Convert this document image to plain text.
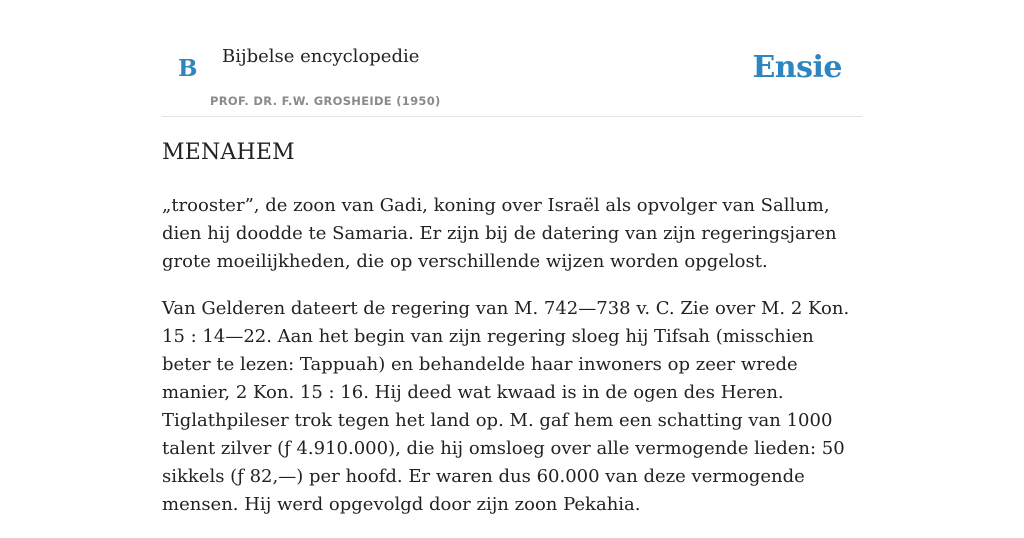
B Bijbelse encyclopedie
PROF. DR. F.W. GROSHEIDE (1950)
Ensie
MENAHEM

„trooster”, de zoon van Gadi, koning over Israël als opvolger van Sallum, dien hij doodde te Samaria. Er zijn bij de datering van zijn regeringsjaren grote moeilijkheden, die op verschillende wijzen worden opgelost.

Van Gelderen dateert de regering van M. 742—738 v. C. Zie over M. 2 Kon. 15 : 14—22. Aan het begin van zijn regering sloeg hij Tifsah (misschien beter te lezen: Tappuah) en behandelde haar inwoners op zeer wrede manier, 2 Kon. 15 : 16. Hij deed wat kwaad is in de ogen des Heren. Tiglathpileser trok tegen het land op. M. gaf hem een schatting van 1000 talent zilver (ƒ 4.910.000), die hij omsloeg over alle vermogende lieden: 50 sikkels (ƒ 82,—) per hoofd. Er waren dus 60.000 van deze vermogende mensen. Hij werd opgevolgd door zijn zoon Pekahia.
